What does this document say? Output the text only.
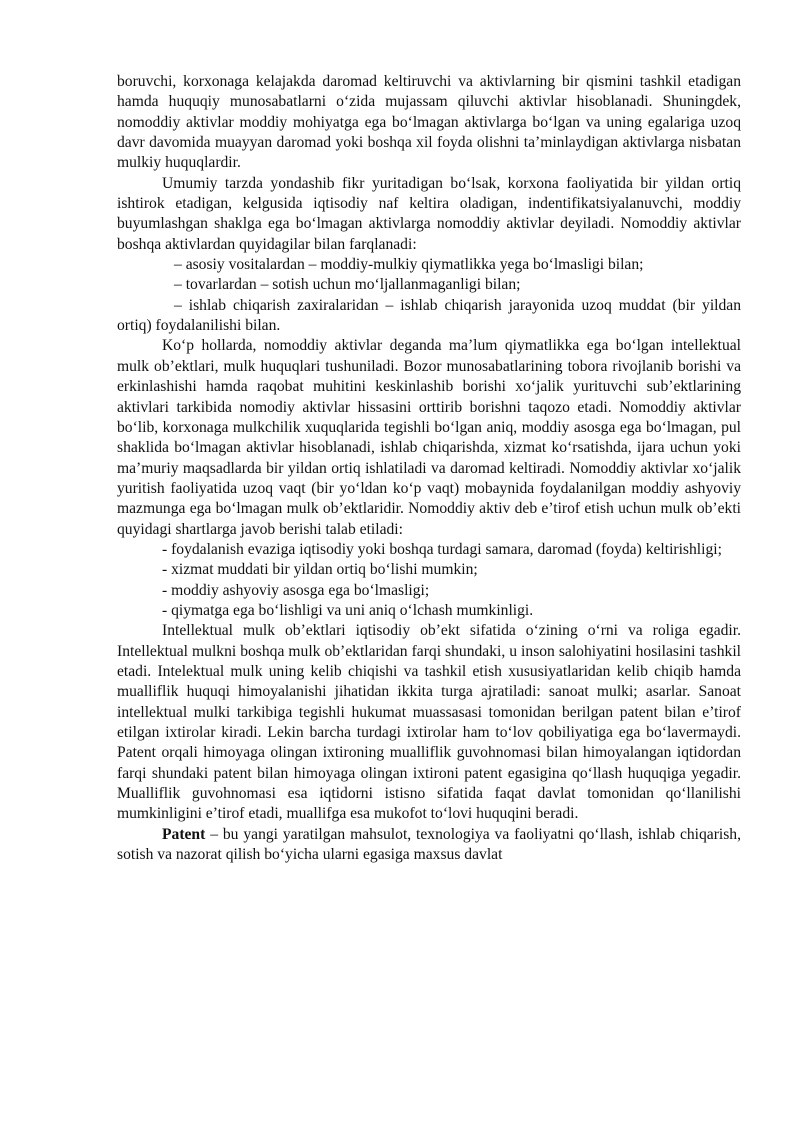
boruvchi, korxonaga kelajakda daromad keltiruvchi va aktivlarning bir qismini tashkil etadigan hamda huquqiy munosabatlarni oʻzida mujassam qiluvchi aktivlar hisoblanadi. Shuningdek, nomoddiy aktivlar moddiy mohiyatga ega boʻlmagan aktivlarga boʻlgan va uning egalariga uzoq davr davomida muayyan daromad yoki boshqa xil foyda olishni ta’minlaydigan aktivlarga nisbatan mulkiy huquqlardir.

Umumiy tarzda yondashib fikr yuritadigan boʻlsak, korxona faoliyatida bir yildan ortiq ishtirok etadigan, kelgusida iqtisodiy naf keltira oladigan, indentifikatsiyalanuvchi, moddiy buyumlashgan shaklga ega boʻlmagan aktivlarga nomoddiy aktivlar deyiladi. Nomoddiy aktivlar boshqa aktivlardan quyidagilar bilan farqlanadi:

– asosiy vositalardan – moddiy-mulkiy qiymatlikka yega boʻlmasligi bilan;

– tovarlardan – sotish uchun moʻljallanmaganligi bilan;

– ishlab chiqarish zaxiralaridan – ishlab chiqarish jarayonida uzoq muddat (bir yildan ortiq) foydalanilishi bilan.

Koʻp hollarda, nomoddiy aktivlar deganda ma’lum qiymatlikka ega boʻlgan intellektual mulk ob’ektlari, mulk huquqlari tushuniladi. Bozor munosabatlarining tobora rivojlanib borishi va erkinlashishi hamda raqobat muhitini keskinlashib borishi xoʻjalik yurituvchi sub’ektlarining aktivlari tarkibida nomodiy aktivlar hissasini orttirib borishni taqozo etadi. Nomoddiy aktivlar boʻlib, korxonaga mulkchilik xuquqlarida tegishli boʻlgan aniq, moddiy asosga ega boʻlmagan, pul shaklida boʻlmagan aktivlar hisoblanadi, ishlab chiqarishda, xizmat koʻrsatishda, ijara uchun yoki ma’muriy maqsadlarda bir yildan ortiq ishlatiladi va daromad keltiradi. Nomoddiy aktivlar xoʻjalik yuritish faoliyatida uzoq vaqt (bir yoʻldan koʻp vaqt) mobaynida foydalanilgan moddiy ashyoviy mazmunga ega boʻlmagan mulk ob’ektlaridir. Nomoddiy aktiv deb e’tirof etish uchun mulk ob’ekti quyidagi shartlarga javob berishi talab etiladi:

- foydalanish evaziga iqtisodiy yoki boshqa turdagi samara, daromad (foyda) keltirishligi;

- xizmat muddati bir yildan ortiq boʻlishi mumkin;

- moddiy ashyoviy asosga ega boʻlmasligi;

- qiymatga ega boʻlishligi va uni aniq oʻlchash mumkinligi.

Intellektual mulk ob’ektlari iqtisodiy ob’ekt sifatida oʻzining oʻrni va roliga egadir. Intellektual mulkni boshqa mulk ob’ektlaridan farqi shundaki, u inson salohiyatini hosilasini tashkil etadi. Intelektual mulk uning kelib chiqishi va tashkil etish xususiyatlaridan kelib chiqib hamda mualliflik huquqi himoyalanishi jihatidan ikkita turga ajratiladi: sanoat mulki; asarlar. Sanoat intellektual mulki tarkibiga tegishli hukumat muassasasi tomonidan berilgan patent bilan e’tirof etilgan ixtirolar kiradi. Lekin barcha turdagi ixtirolar ham toʻlov qobiliyatiga ega boʻlavermaydi. Patent orqali himoyaga olingan ixtironing mualliflik guvohnomasi bilan himoyalangan iqtidordan farqi shundaki patent bilan himoyaga olingan ixtironi patent egasigina qoʻllash huquqiga yegadir. Mualliflik guvohnomasi esa iqtidorni istisno sifatida faqat davlat tomonidan qoʻllanilishi mumkinligini e’tirof etadi, muallifga esa mukofot toʻlovi huquqini beradi.

Patent – bu yangi yaratilgan mahsulot, texnologiya va faoliyatni qoʻllash, ishlab chiqarish, sotish va nazorat qilish boʻyicha ularni egasiga maxsus davlat
